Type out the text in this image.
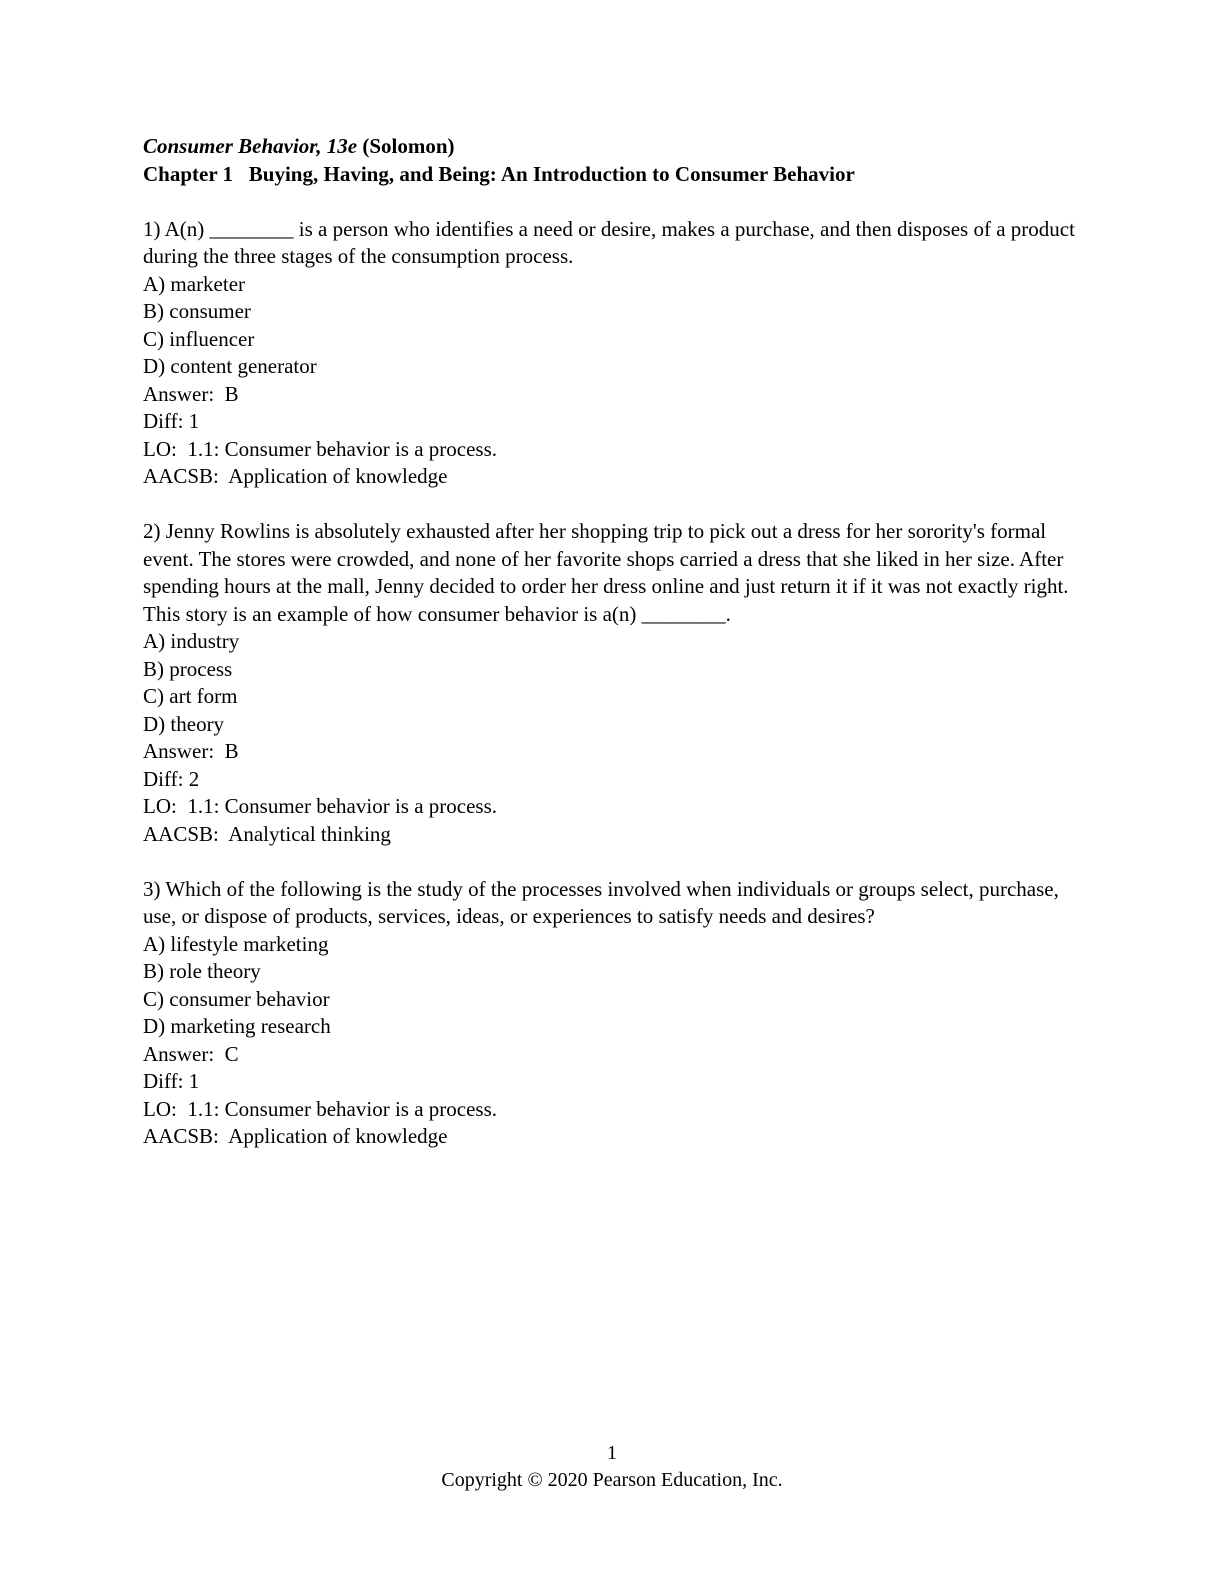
Consumer Behavior, 13e (Solomon)
Chapter 1   Buying, Having, and Being: An Introduction to Consumer Behavior
1) A(n) ________ is a person who identifies a need or desire, makes a purchase, and then disposes of a product during the three stages of the consumption process.
A) marketer
B) consumer
C) influencer
D) content generator
Answer:  B
Diff: 1
LO:  1.1: Consumer behavior is a process.
AACSB:  Application of knowledge
2) Jenny Rowlins is absolutely exhausted after her shopping trip to pick out a dress for her sorority's formal event. The stores were crowded, and none of her favorite shops carried a dress that she liked in her size. After spending hours at the mall, Jenny decided to order her dress online and just return it if it was not exactly right. This story is an example of how consumer behavior is a(n) ________.
A) industry
B) process
C) art form
D) theory
Answer:  B
Diff: 2
LO:  1.1: Consumer behavior is a process.
AACSB:  Analytical thinking
3) Which of the following is the study of the processes involved when individuals or groups select, purchase, use, or dispose of products, services, ideas, or experiences to satisfy needs and desires?
A) lifestyle marketing
B) role theory
C) consumer behavior
D) marketing research
Answer:  C
Diff: 1
LO:  1.1: Consumer behavior is a process.
AACSB:  Application of knowledge
1
Copyright © 2020 Pearson Education, Inc.
